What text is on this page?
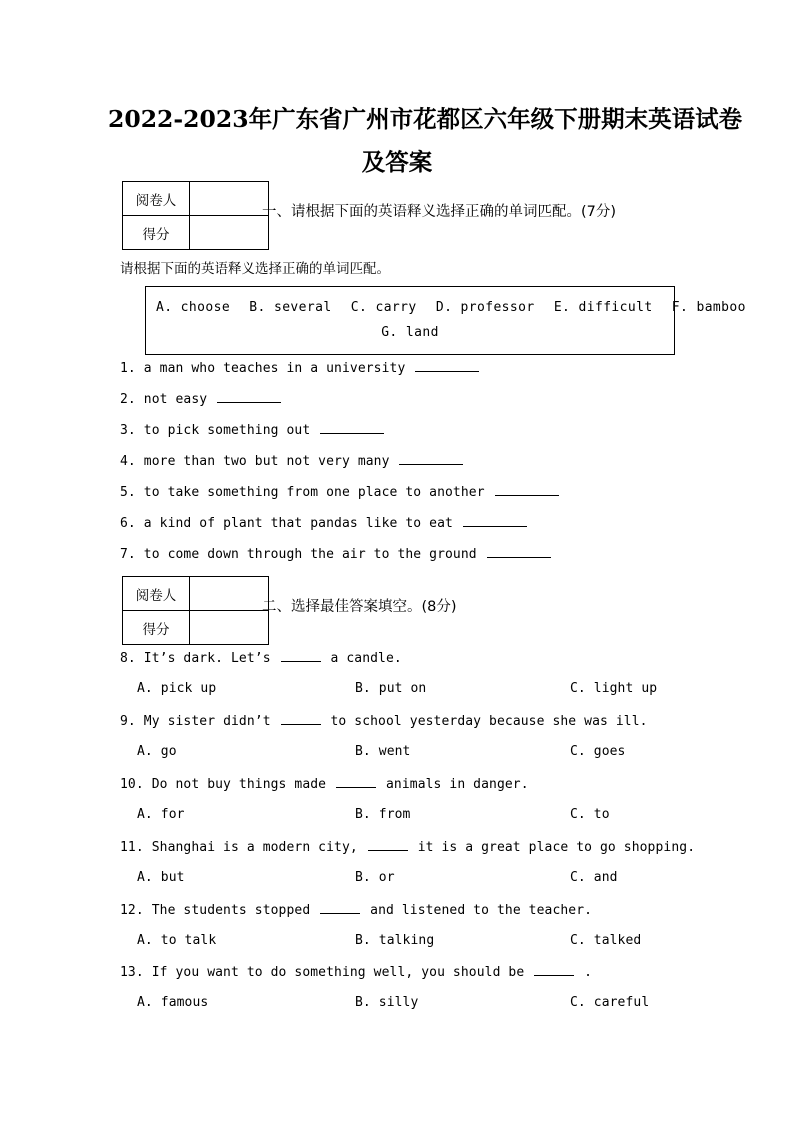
2022-2023年广东省广州市花都区六年级下册期末英语试卷
及答案
阅卷人	
得分	
一、请根据下面的英语释义选择正确的单词匹配。(7分)
请根据下面的英语释义选择正确的单词匹配。
A. choose B. several C. carry D. professor E. difficult F. bamboo
G. land
1. a man who teaches in a university
2. not easy
3. to pick something out
4. more than two but not very many
5. to take something from one place to another
6. a kind of plant that pandas like to eat
7. to come down through the air to the ground
阅卷人	
得分	
二、选择最佳答案填空。(8分)
8. It’s dark. Let’s	a candle.
A. pick up	B. put on	C. light up
9. My sister didn’t	to school yesterday because she was ill.
A. go	B. went	C. goes
10. Do not buy things made	animals in danger.
A. for	B. from	C. to
11. Shanghai is a modern city,	it is a great place to go shopping.
A. but	B. or	C. and
12. The students stopped	and listened to the teacher.
A. to talk	B. talking	C. talked
13. If you want to do something well, you should be	.
A. famous	B. silly	C. careful
